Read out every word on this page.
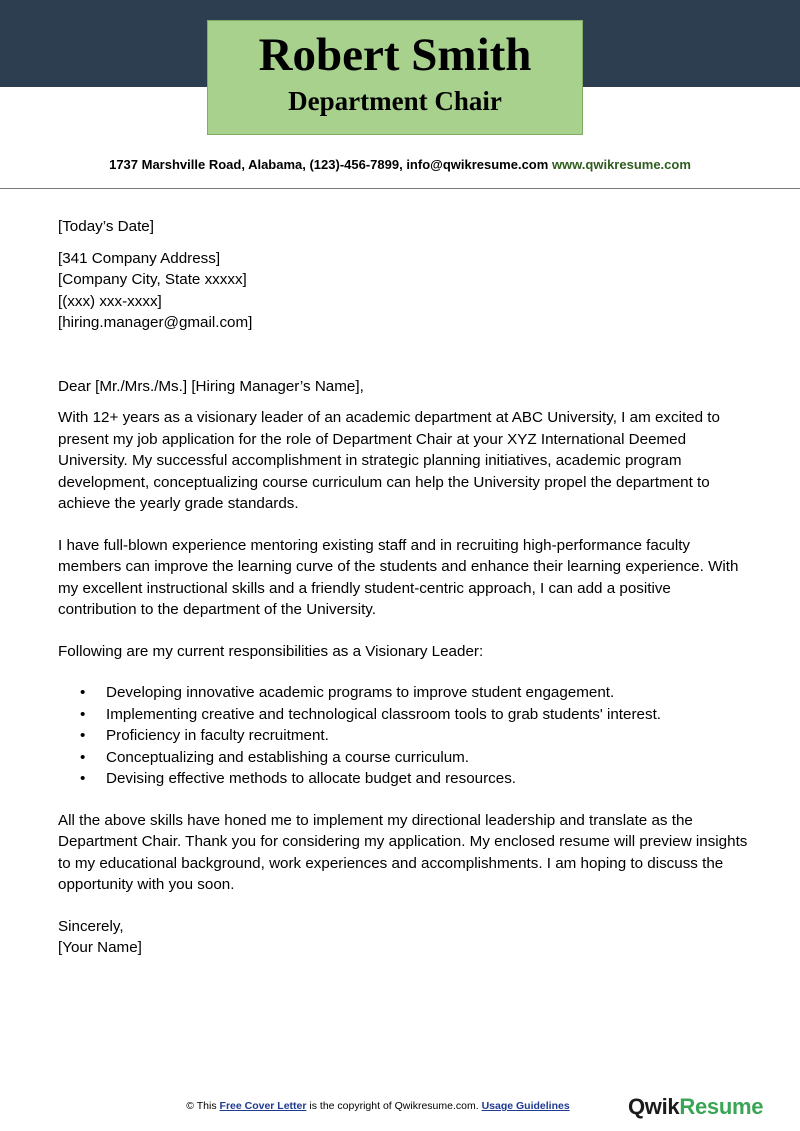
Robert Smith
Department Chair
1737 Marshville Road, Alabama, (123)-456-7899, info@qwikresume.com www.qwikresume.com

[Today’s Date]

[341 Company Address]

[Company City, State xxxxx]

[(xxx) xxx-xxxx]

[hiring.manager@gmail.com]

Dear [Mr./Mrs./Ms.] [Hiring Manager’s Name],

With 12+ years as a visionary leader of an academic department at ABC University, I am excited to present my job application for the role of Department Chair at your XYZ International Deemed University. My successful accomplishment in strategic planning initiatives, academic program development, conceptualizing course curriculum can help the University propel the department to achieve the yearly grade standards.

I have full-blown experience mentoring existing staff and in recruiting high-performance faculty members can improve the learning curve of the students and enhance their learning experience. With my excellent instructional skills and a friendly student-centric approach, I can add a positive contribution to the department of the University.

Following are my current responsibilities as a Visionary Leader:

• Developing innovative academic programs to improve student engagement.
• Implementing creative and technological classroom tools to grab students' interest.
• Proficiency in faculty recruitment.
• Conceptualizing and establishing a course curriculum.
• Devising effective methods to allocate budget and resources.

All the above skills have honed me to implement my directional leadership and translate as the Department Chair. Thank you for considering my application. My enclosed resume will preview insights to my educational background, work experiences and accomplishments. I am hoping to discuss the opportunity with you soon.

Sincerely,

[Your Name]

© This Free Cover Letter is the copyright of Qwikresume.com. Usage Guidelines	QwikResume
